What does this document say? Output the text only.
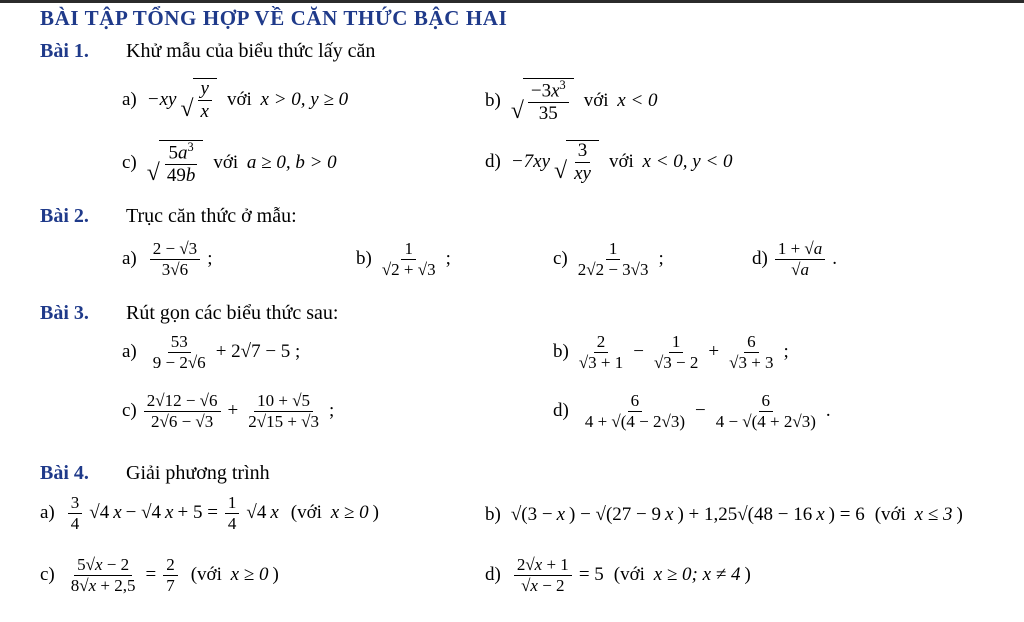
BÀI TẬP TỔNG HỢP VỀ CĂN THỨC BẬC HAI
Bài 1. Khử mẫu của biểu thức lấy căn
a) −xy √ $\frac{y}{x}$ với x > 0, y ≥ 0	b) √ $\frac{-3x^3}{35}$ với x < 0
c) √ $\frac{5a^3}{49b}$ với a ≥ 0, b > 0	d) −7xy √ $\frac{3}{xy}$ với x < 0, y < 0
Bài 2. Trục căn thức ở mẫu:
$a) \frac{2 - √3}{3√6}$ ;	$b) \frac{1}{√2 + √3}$ ;	$c) \frac{1}{2√2 - 3√3}$ ;	$d) \frac{1 + √a}{√a}$ .
Bài 3. Rút gọn các biểu thức sau:
$a) \frac{53}{9 - 2√6} + 2√7 - 5$ ;	$b) \frac{2}{√3 + 1} - \frac{1}{√3 - 2} + \frac{6}{√3 + 3}$ ;
$c) \frac{2√12 - √6}{2√6 - √3} + \frac{10 + √5}{2√15 + √3}$ ;	$d) \frac{6}{4 + √(4 - 2√3)} - \frac{6}{4 - √(4 + 2√3)}$ .
Bài 4. Giải phương trình
$a) \frac{3}{4} √4$ x − √4 $x + 5 = \frac{1}{4} √4$ x (với x ≥ 0 )	b) √(3 − x ) − √(27 − 9 x ) + 1,25√(48 − 16 x ) = 6 (với x ≤ 3 )
$c) \frac{5√x - 2}{8√x + 2,5} = \frac{2}{7}$ (với x ≥ 0 )	$d) \frac{2√x + 1}{√x - 2} = 5$ (với x ≥ 0; x ≠ 4 )
